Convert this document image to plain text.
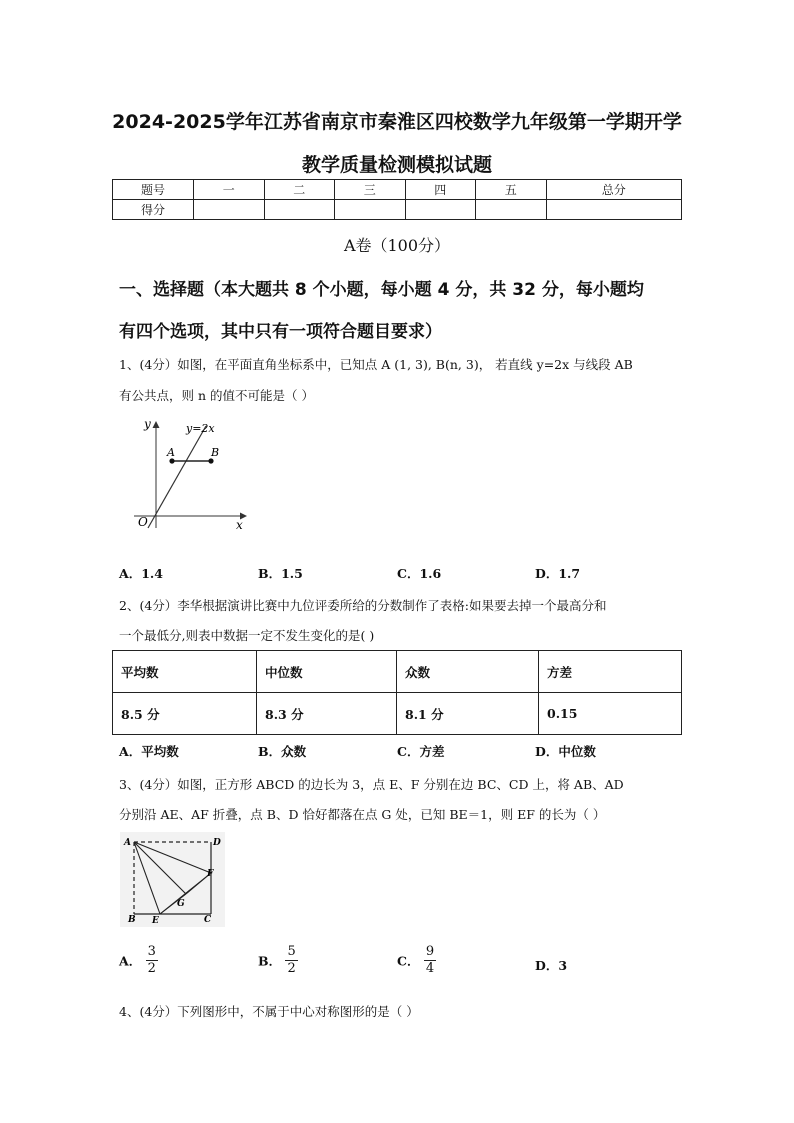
2024-2025学年江苏省南京市秦淮区四校数学九年级第一学期开学
教学质量检测模拟试题
题号	一	二	三	四	五	总分
得分						
A卷（100分）
一、选择题（本大题共 8 个小题，每小题 4 分，共 32 分，每小题均
有四个选项，其中只有一项符合题目要求）
1、(4分）如图，在平面直角坐标系中，已知点 A (1, 3), B(n, 3)， 若直线 y=2x 与线段 AB
有公共点，则 n 的值不可能是（ ）
y
x
O
y=2x
A	B
A．1.4	B．1.5	C．1.6	D．1.7
2、(4分）李华根据演讲比赛中九位评委所给的分数制作了表格:如果要去掉一个最高分和
一个最低分,则表中数据一定不发生变化的是( )
平均数	中位数	众数	方差
8.5 分	8.3 分	8.1 分	0.15
A．平均数	B．众数	C．方差	D．中位数
3、(4分）如图，正方形 ABCD 的边长为 3，点 E、F 分别在边 BC、CD 上，将 AB、AD
分别沿 AE、AF 折叠，点 B、D 恰好都落在点 G 处，已知 BE＝1，则 EF 的长为（ ）
A	D
B	C
E
F
G
A． $\frac{3}{2}$	B． $\frac{5}{2}$	C． $\frac{9}{4}$	D．3
4、(4分）下列图形中，不属于中心对称图形的是（ ）
